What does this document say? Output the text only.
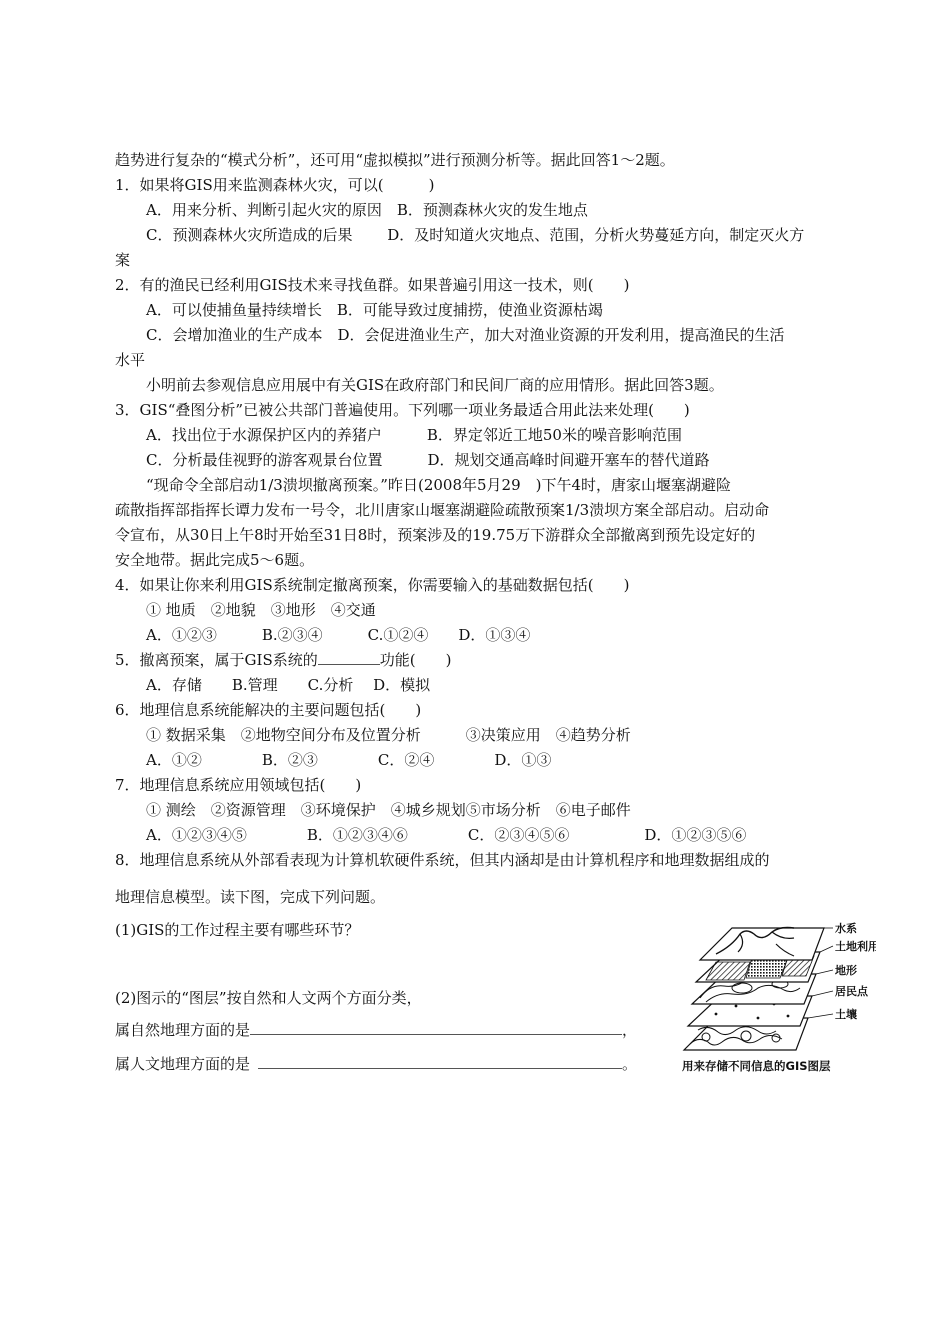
趋势进行复杂的“模式分析”，还可用“虚拟模拟”进行预测分析等。据此回答1～2题。
1．如果将GIS用来监测森林火灾，可以(　　　)
A．用来分析、判断引起火灾的原因　B．预测森林火灾的发生地点
C．预测森林火灾所造成的后果　　 D．及时知道火灾地点、范围，分析火势蔓延方向，制定灭火方
案
2．有的渔民已经利用GIS技术来寻找鱼群。如果普遍引用这一技术，则(　　)
A．可以使捕鱼量持续增长　B．可能导致过度捕捞，使渔业资源枯竭
C．会增加渔业的生产成本　D．会促进渔业生产，加大对渔业资源的开发利用，提高渔民的生活
水平
小明前去参观信息应用展中有关GIS在政府部门和民间厂商的应用情形。据此回答3题。
3．GIS“叠图分析”已被公共部门普遍使用。下列哪一项业务最适合用此法来处理(　　)
A．找出位于水源保护区内的养猪户　　　B．界定邻近工地50米的噪音影响范围
C．分析最佳视野的游客观景台位置　　　D．规划交通高峰时间避开塞车的替代道路
“现命令全部启动1/3溃坝撤离预案。”昨日(2008年5月29　)下午4时，唐家山堰塞湖避险
疏散指挥部指挥长谭力发布一号令，北川唐家山堰塞湖避险疏散预案1/3溃坝方案全部启动。启动命
令宣布，从30日上午8时开始至31日8时，预案涉及的19.75万下游群众全部撤离到预先设定好的
安全地带。据此完成5～6题。
4．如果让你来利用GIS系统制定撤离预案，你需要输入的基础数据包括(　　)
① 地质　②地貌　③地形　④交通
A．①②③　　　B.②③④　　　C.①②④　　D．①③④
5．撤离预案，属于GIS系统的	功能(　　)
A．存储　　B.管理　　C.分析　 D．模拟
6．地理信息系统能解决的主要问题包括(　　)
① 数据采集　②地物空间分布及位置分析　　　③决策应用　④趋势分析
A．①②　　　　B．②③　　　　C．②④　　　　D．①③
7．地理信息系统应用领域包括(　　)
① 测绘　②资源管理　③环境保护　④城乡规划⑤市场分析　⑥电子邮件
A．①②③④⑤　　　　B．①②③④⑥　　　　C．②③④⑤⑥　　　　　D．①②③⑤⑥
8．地理信息系统从外部看表现为计算机软硬件系统，但其内涵却是由计算机程序和地理数据组成的
地理信息模型。读下图，完成下列问题。
(1)GIS的工作过程主要有哪些环节？
(2)图示的“图层”按自然和人文两个方面分类，
属自然地理方面的是	，
属人文地理方面的是	。
水系
土地利用
地形
居民点
土壤
用来存储不同信息的GIS图层
